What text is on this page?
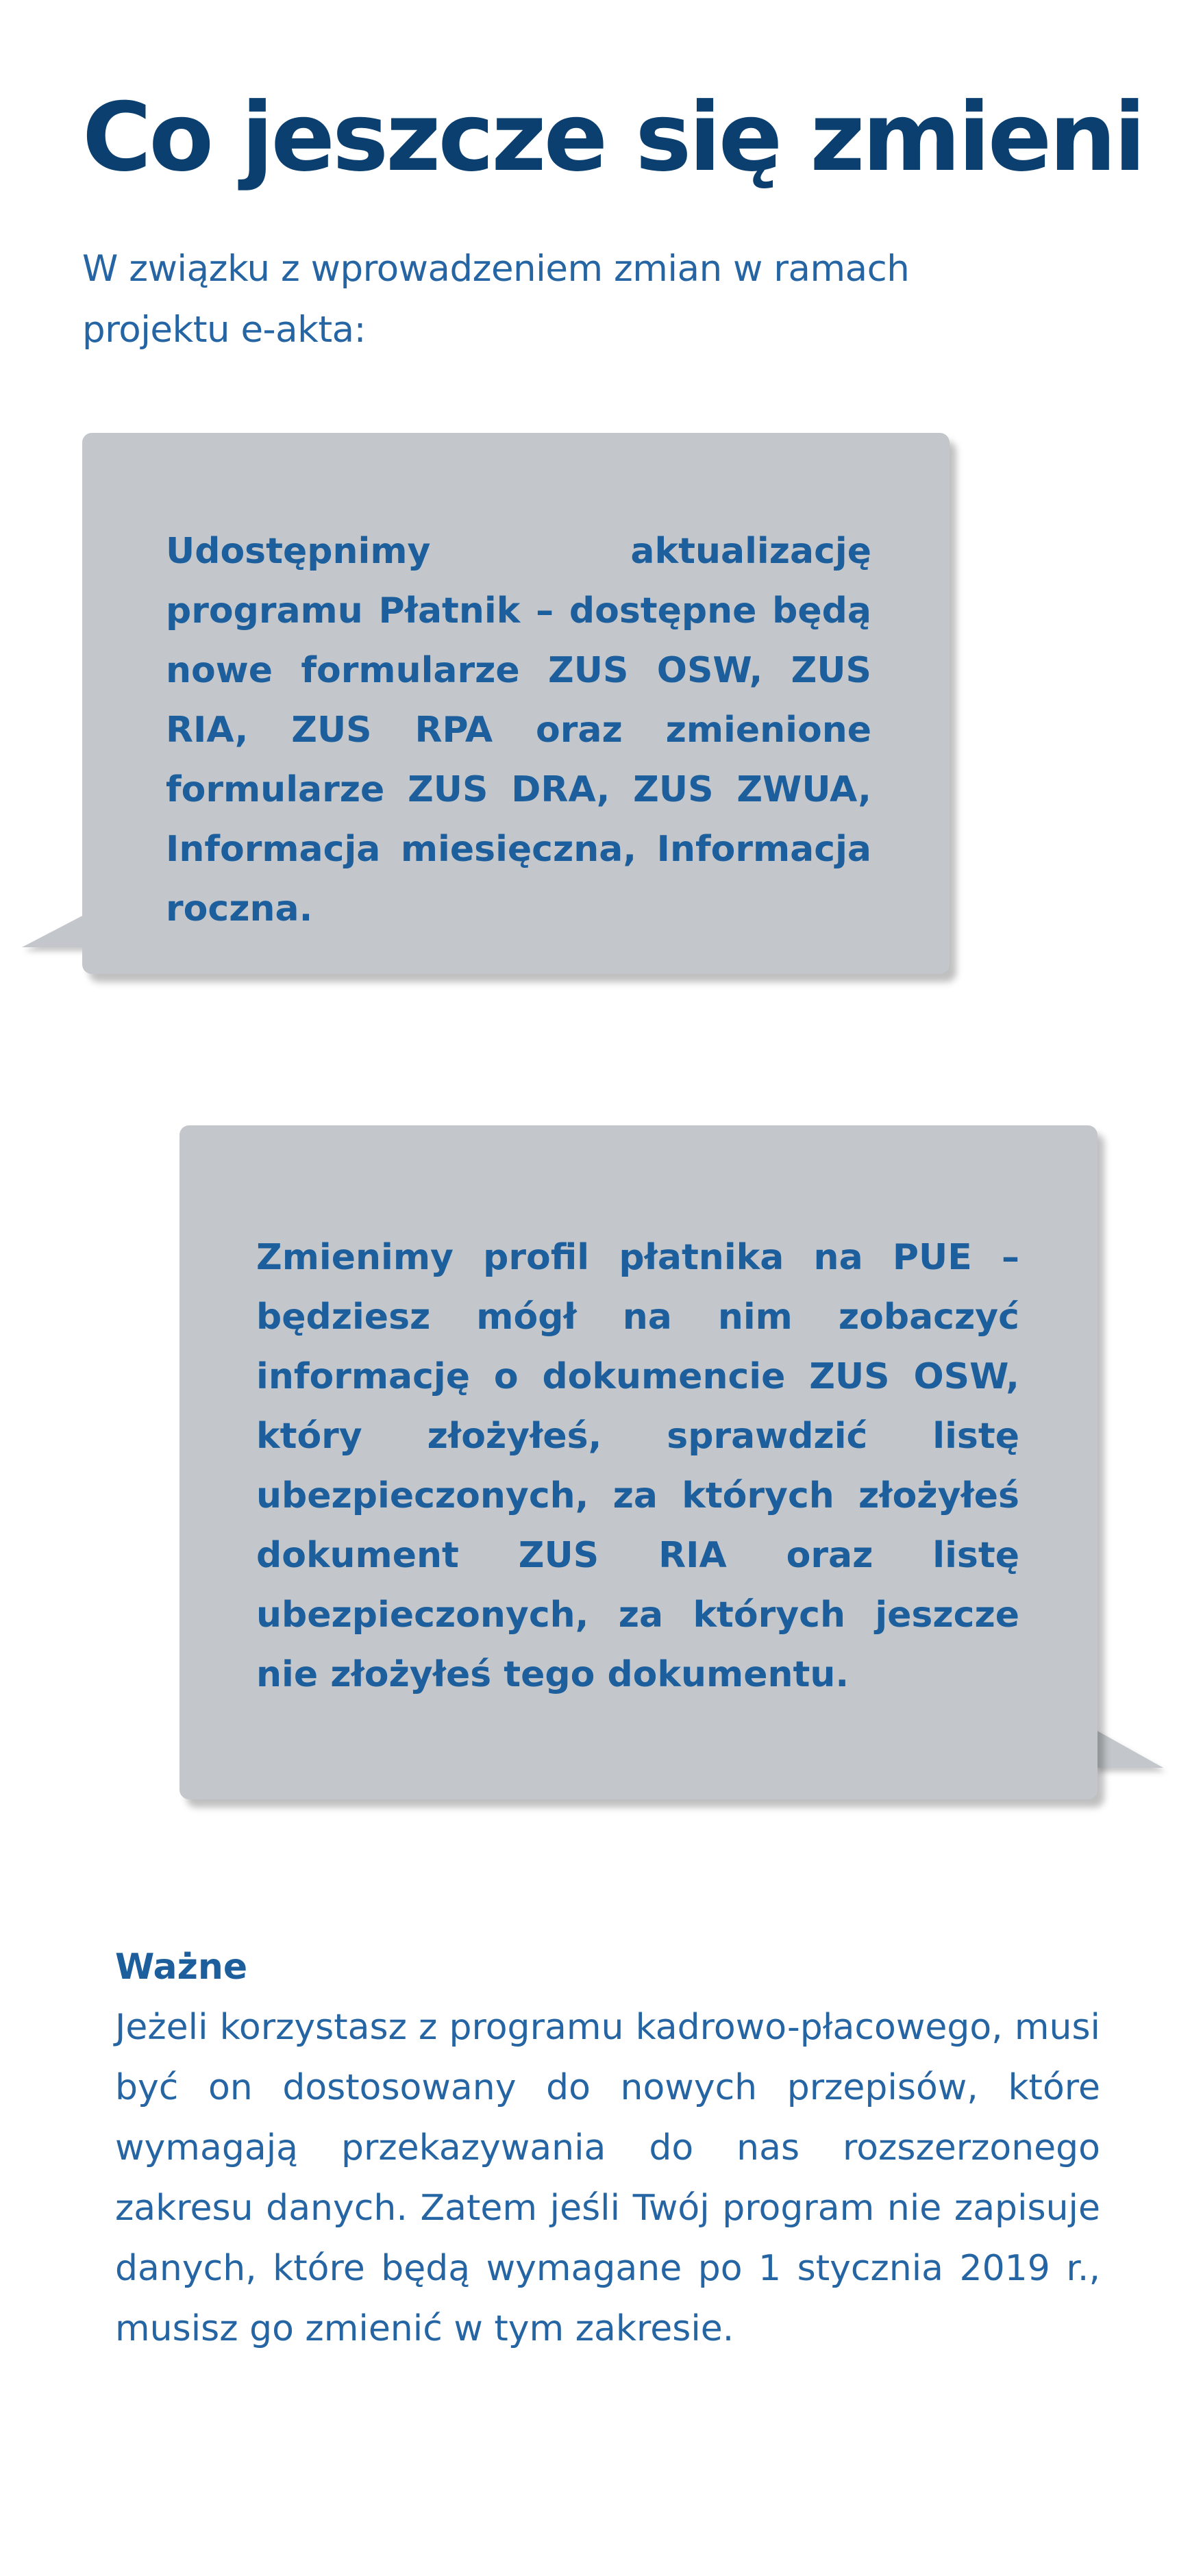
Co jeszcze się zmieni

W związku z wprowadzeniem zmian w ramach projektu e-akta:

Udostępnimy aktualizację programu Płatnik – dostępne będą nowe formularze ZUS OSW, ZUS RIA, ZUS RPA oraz zmienione formularze ZUS DRA, ZUS ZWUA, Informacja miesięczna, Informacja roczna.

Zmienimy profil płatnika na PUE – będziesz mógł na nim zobaczyć informację o dokumencie ZUS OSW, który złożyłeś, sprawdzić listę ubezpieczonych, za których złożyłeś dokument ZUS RIA oraz listę ubezpieczonych, za których jeszcze nie złożyłeś tego dokumentu.

Ważne

Jeżeli korzystasz z programu kadrowo-płacowego, musi być on dostosowany do nowych przepisów, które wymagają przekazywania do nas rozszerzonego zakresu danych. Zatem jeśli Twój program nie zapisuje danych, które będą wymagane po 1 stycznia 2019 r., musisz go zmienić w tym zakresie.
